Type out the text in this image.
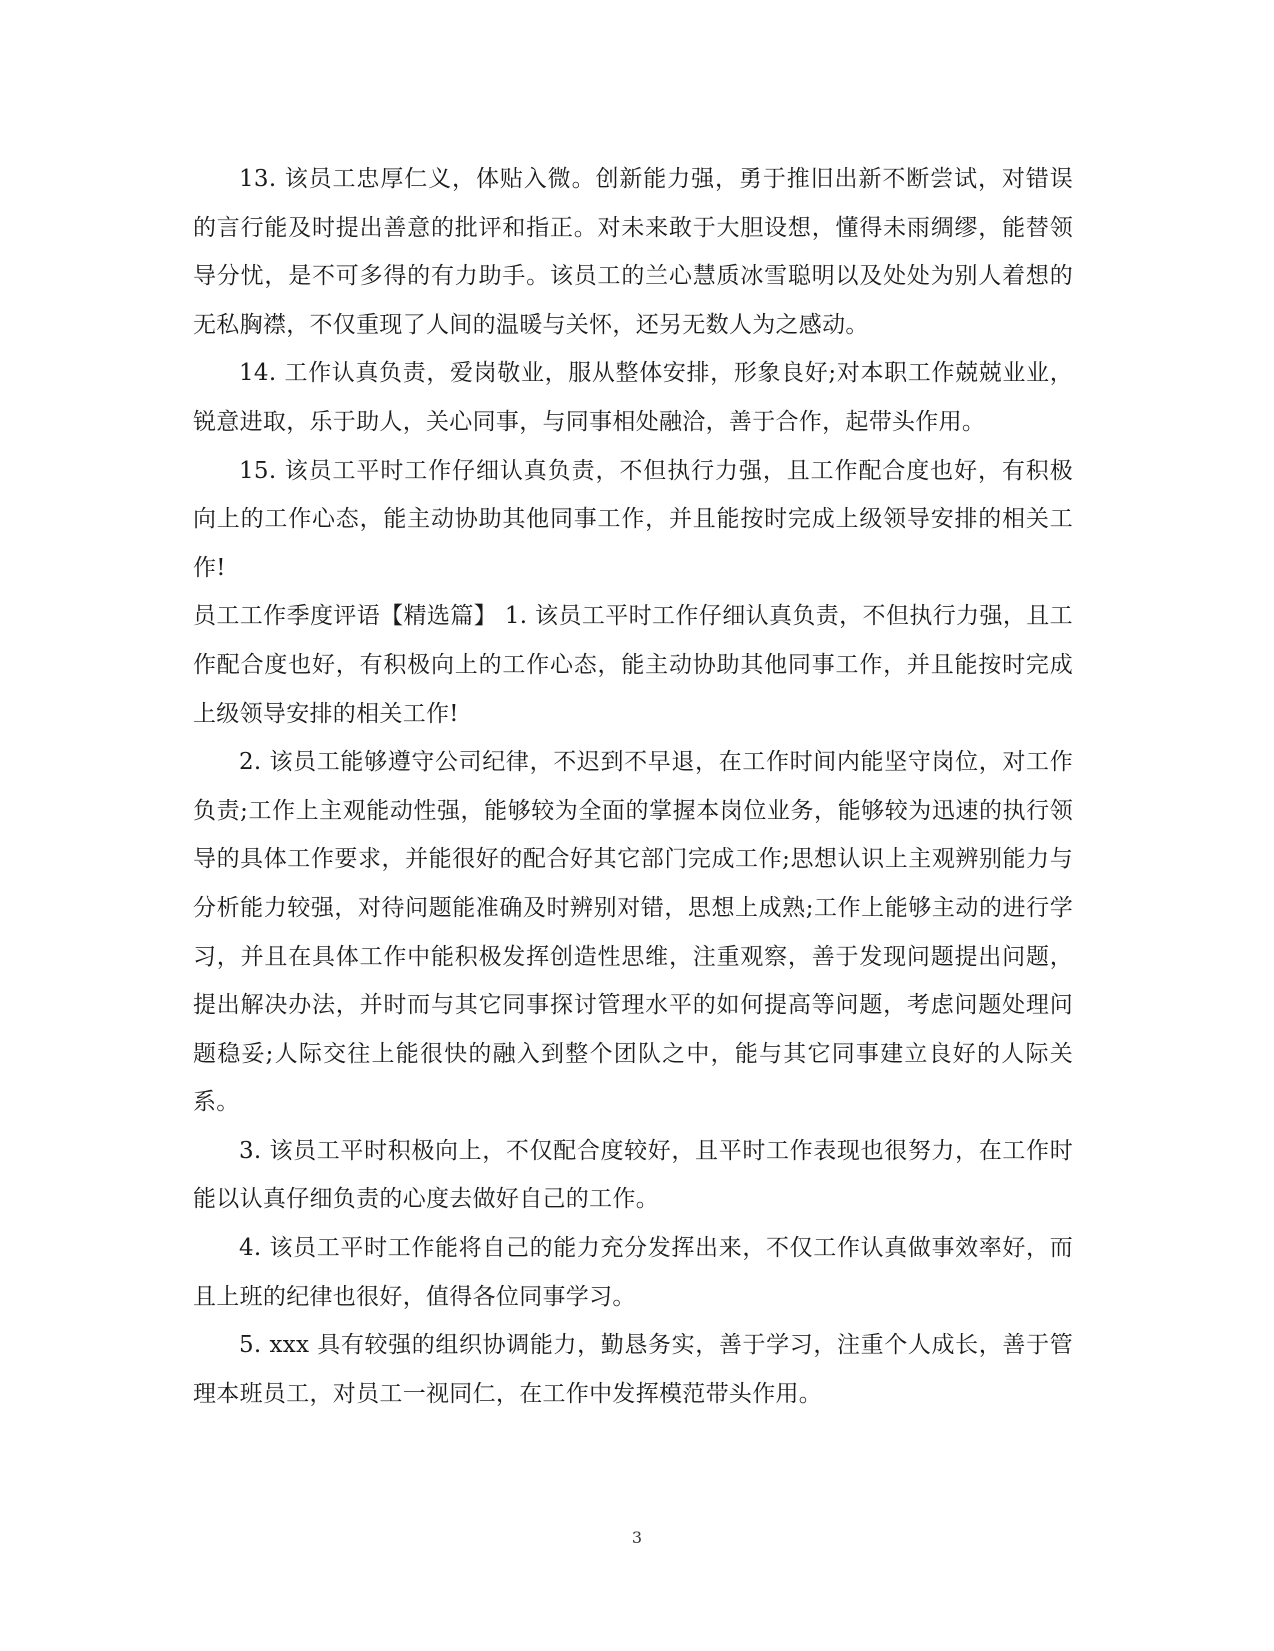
13. 该员工忠厚仁义，体贴入微。创新能力强，勇于推旧出新不断尝试，对错误的言行能及时提出善意的批评和指正。对未来敢于大胆设想，懂得未雨绸缪，能替领导分忧，是不可多得的有力助手。该员工的兰心慧质冰雪聪明以及处处为别人着想的无私胸襟，不仅重现了人间的温暖与关怀，还另无数人为之感动。

14. 工作认真负责，爱岗敬业，服从整体安排，形象良好;对本职工作兢兢业业，锐意进取，乐于助人，关心同事，与同事相处融洽，善于合作，起带头作用。

15. 该员工平时工作仔细认真负责，不但执行力强，且工作配合度也好，有积极向上的工作心态，能主动协助其他同事工作，并且能按时完成上级领导安排的相关工作!

员工工作季度评语【精选篇】 1. 该员工平时工作仔细认真负责，不但执行力强，且工作配合度也好，有积极向上的工作心态，能主动协助其他同事工作，并且能按时完成上级领导安排的相关工作!

2. 该员工能够遵守公司纪律，不迟到不早退，在工作时间内能坚守岗位，对工作负责;工作上主观能动性强，能够较为全面的掌握本岗位业务，能够较为迅速的执行领导的具体工作要求，并能很好的配合好其它部门完成工作;思想认识上主观辨别能力与分析能力较强，对待问题能准确及时辨别对错，思想上成熟;工作上能够主动的进行学习，并且在具体工作中能积极发挥创造性思维，注重观察，善于发现问题提出问题，提出解决办法，并时而与其它同事探讨管理水平的如何提高等问题，考虑问题处理问题稳妥;人际交往上能很快的融入到整个团队之中，能与其它同事建立良好的人际关系。

3. 该员工平时积极向上，不仅配合度较好，且平时工作表现也很努力，在工作时能以认真仔细负责的心度去做好自己的工作。

4. 该员工平时工作能将自己的能力充分发挥出来，不仅工作认真做事效率好，而且上班的纪律也很好，值得各位同事学习。

5. xxx 具有较强的组织协调能力，勤恳务实，善于学习，注重个人成长，善于管理本班员工，对员工一视同仁，在工作中发挥模范带头作用。

3
